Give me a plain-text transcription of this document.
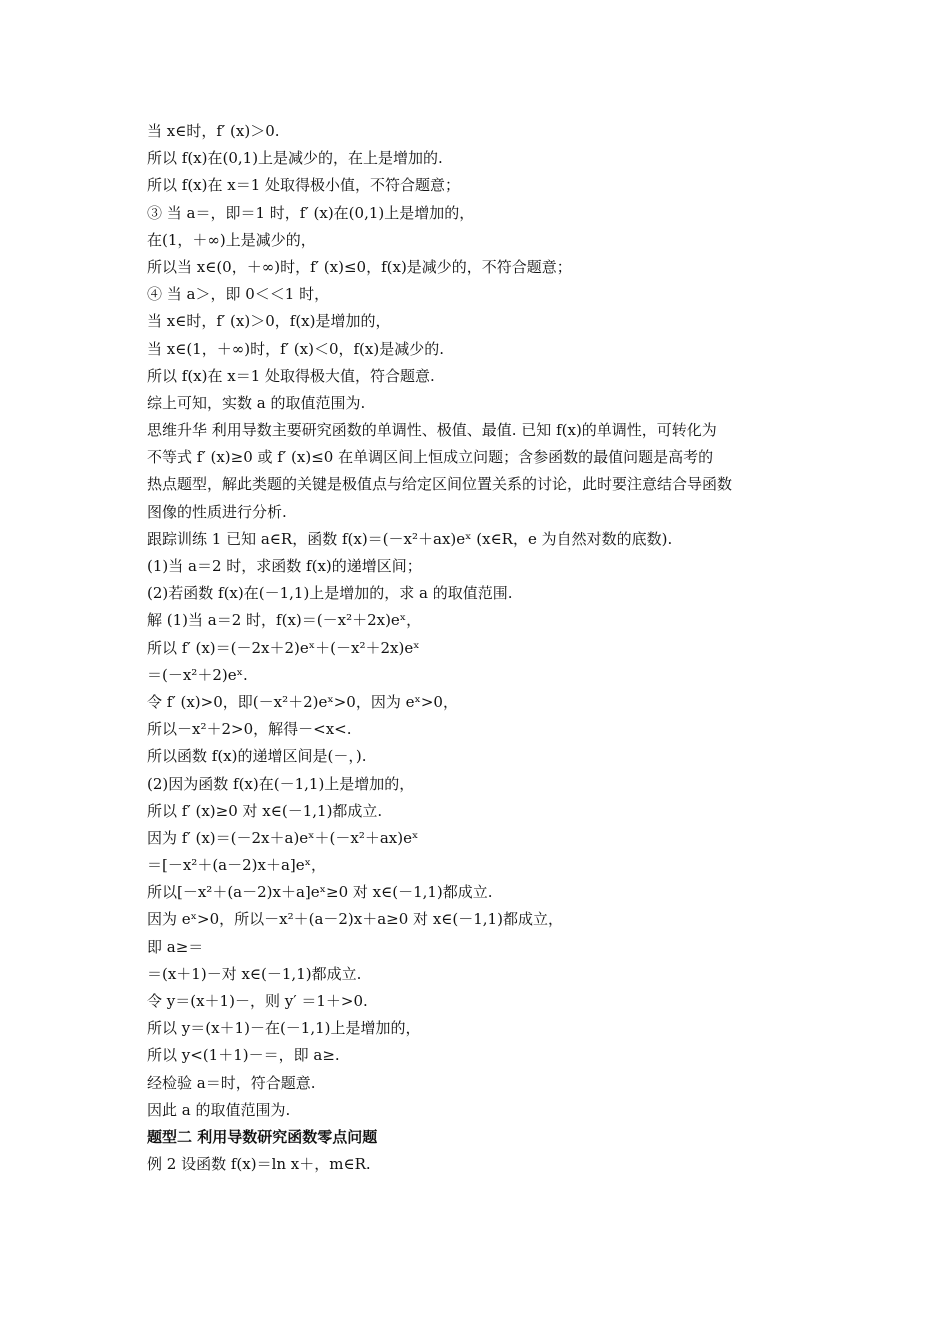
当 x∈时，f′ (x)＞0.
所以 f(x)在(0,1)上是减少的，在上是增加的.
所以 f(x)在 x＝1 处取得极小值，不符合题意；
③ 当 a＝，即＝1 时，f′ (x)在(0,1)上是增加的，
在(1，＋∞)上是减少的，
所以当 x∈(0，＋∞)时，f′ (x)≤0，f(x)是减少的，不符合题意；
④ 当 a＞，即 0＜＜1 时，
当 x∈时，f′ (x)＞0，f(x)是增加的，
当 x∈(1，＋∞)时，f′ (x)＜0，f(x)是减少的.
所以 f(x)在 x＝1 处取得极大值，符合题意.
综上可知，实数 a 的取值范围为.
思维升华 利用导数主要研究函数的单调性、极值、最值. 已知 f(x)的单调性，可转化为
不等式 f′ (x)≥0 或 f′ (x)≤0 在单调区间上恒成立问题；含参函数的最值问题是高考的
热点题型，解此类题的关键是极值点与给定区间位置关系的讨论，此时要注意结合导函数
图像的性质进行分析.
跟踪训练 1 已知 a∈R，函数 f(x)＝(－x²＋ax)eˣ (x∈R，e 为自然对数的底数).
(1)当 a＝2 时，求函数 f(x)的递增区间；
(2)若函数 f(x)在(－1,1)上是增加的，求 a 的取值范围.
解 (1)当 a＝2 时，f(x)＝(－x²＋2x)eˣ，
所以 f′ (x)＝(－2x＋2)eˣ＋(－x²＋2x)eˣ
＝(－x²＋2)eˣ.
令 f′ (x)>0，即(－x²＋2)eˣ>0，因为 eˣ>0，
所以－x²＋2>0，解得－<x<.
所以函数 f(x)的递增区间是(－，).
(2)因为函数 f(x)在(－1,1)上是增加的，
所以 f′ (x)≥0 对 x∈(－1,1)都成立.
因为 f′ (x)＝(－2x＋a)eˣ＋(－x²＋ax)eˣ
＝[－x²＋(a－2)x＋a]eˣ，
所以[－x²＋(a－2)x＋a]eˣ≥0 对 x∈(－1,1)都成立.
因为 eˣ>0，所以－x²＋(a－2)x＋a≥0 对 x∈(－1,1)都成立，
即 a≥＝
＝(x＋1)－对 x∈(－1,1)都成立.
令 y＝(x＋1)－，则 y′ ＝1＋>0.
所以 y＝(x＋1)－在(－1,1)上是增加的，
所以 y<(1＋1)－＝，即 a≥.
经检验 a＝时，符合题意.
因此 a 的取值范围为.
题型二 利用导数研究函数零点问题
例 2 设函数 f(x)＝ln x＋，m∈R.
